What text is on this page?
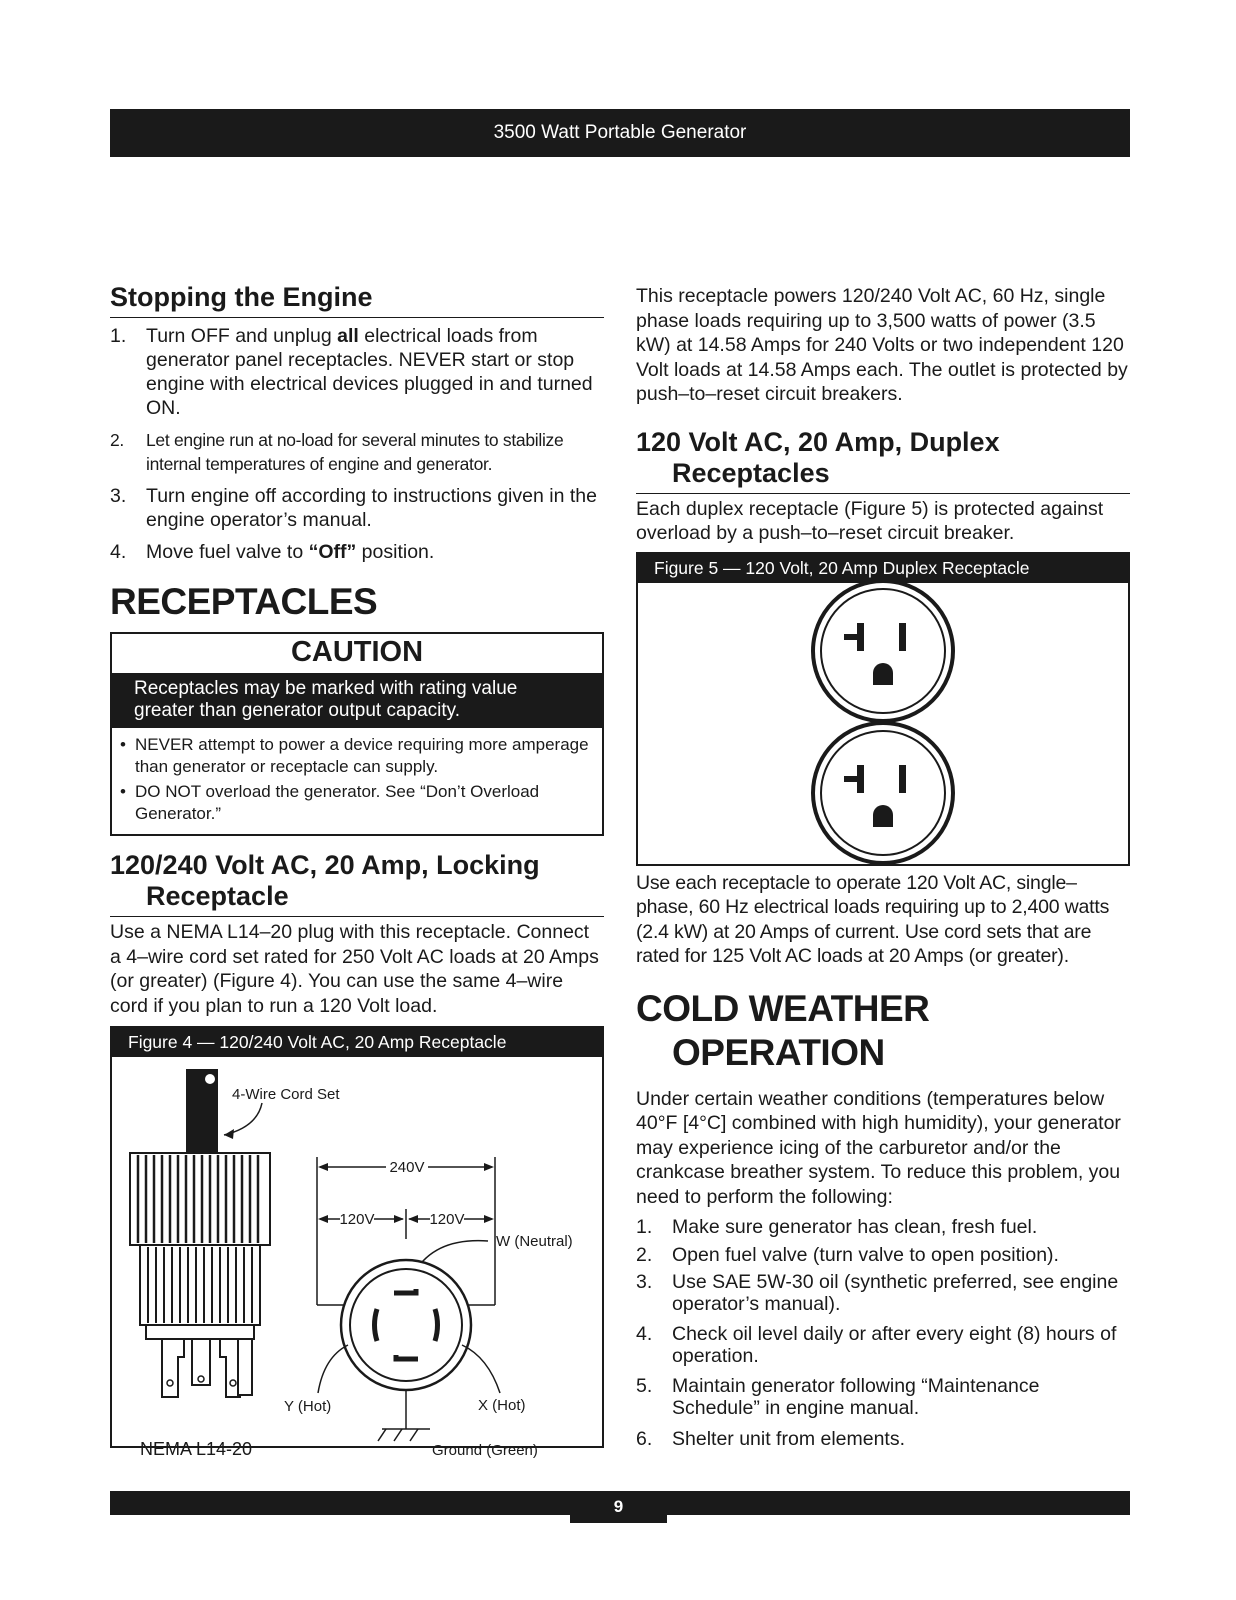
3500 Watt Portable Generator
Stopping the Engine
1. Turn OFF and unplug all electrical loads from generator panel receptacles. NEVER start or stop engine with electrical devices plugged in and turned ON.
2. Let engine run at no-load for several minutes to stabilize internal temperatures of engine and generator.
3. Turn engine off according to instructions given in the engine operator’s manual.
4. Move fuel valve to “Off” position.
RECEPTACLES
CAUTION
Receptacles may be marked with rating value greater than generator output capacity.
• NEVER attempt to power a device requiring more amperage than generator or receptacle can supply.
• DO NOT overload the generator. See “Don’t Overload Generator.”
120/240 Volt AC, 20 Amp, Locking
Receptacle

Use a NEMA L14–20 plug with this receptacle. Connect a 4–wire cord set rated for 250 Volt AC loads at 20 Amps (or greater) (Figure 4). You can use the same 4–wire cord if you plan to run a 120 Volt load.

Figure 4 — 120/240 Volt AC, 20 Amp Receptacle
4-Wire Cord Set
240V
120V	120V
W (Neutral)
Y (Hot)	X (Hot)
NEMA L14-20	Ground (Green)

This receptacle powers 120/240 Volt AC, 60 Hz, single phase loads requiring up to 3,500 watts of power (3.5 kW) at 14.58 Amps for 240 Volts or two independent 120 Volt loads at 14.58 Amps each. The outlet is protected by push–to–reset circuit breakers.

120 Volt AC, 20 Amp, Duplex
Receptacles

Each duplex receptacle (Figure 5) is protected against overload by a push–to–reset circuit breaker.

Figure 5 — 120 Volt, 20 Amp Duplex Receptacle

Use each receptacle to operate 120 Volt AC, single–phase, 60 Hz electrical loads requiring up to 2,400 watts (2.4 kW) at 20 Amps of current. Use cord sets that are rated for 125 Volt AC loads at 20 Amps (or greater).

COLD WEATHER
OPERATION

Under certain weather conditions (temperatures below 40°F [4°C] combined with high humidity), your generator may experience icing of the carburetor and/or the crankcase breather system. To reduce this problem, you need to perform the following:

1. Make sure generator has clean, fresh fuel.
2. Open fuel valve (turn valve to open position).
3. Use SAE 5W-30 oil (synthetic preferred, see engine operator’s manual).
4. Check oil level daily or after every eight (8) hours of operation.
5. Maintain generator following “Maintenance Schedule” in engine manual.
6. Shelter unit from elements.
9
